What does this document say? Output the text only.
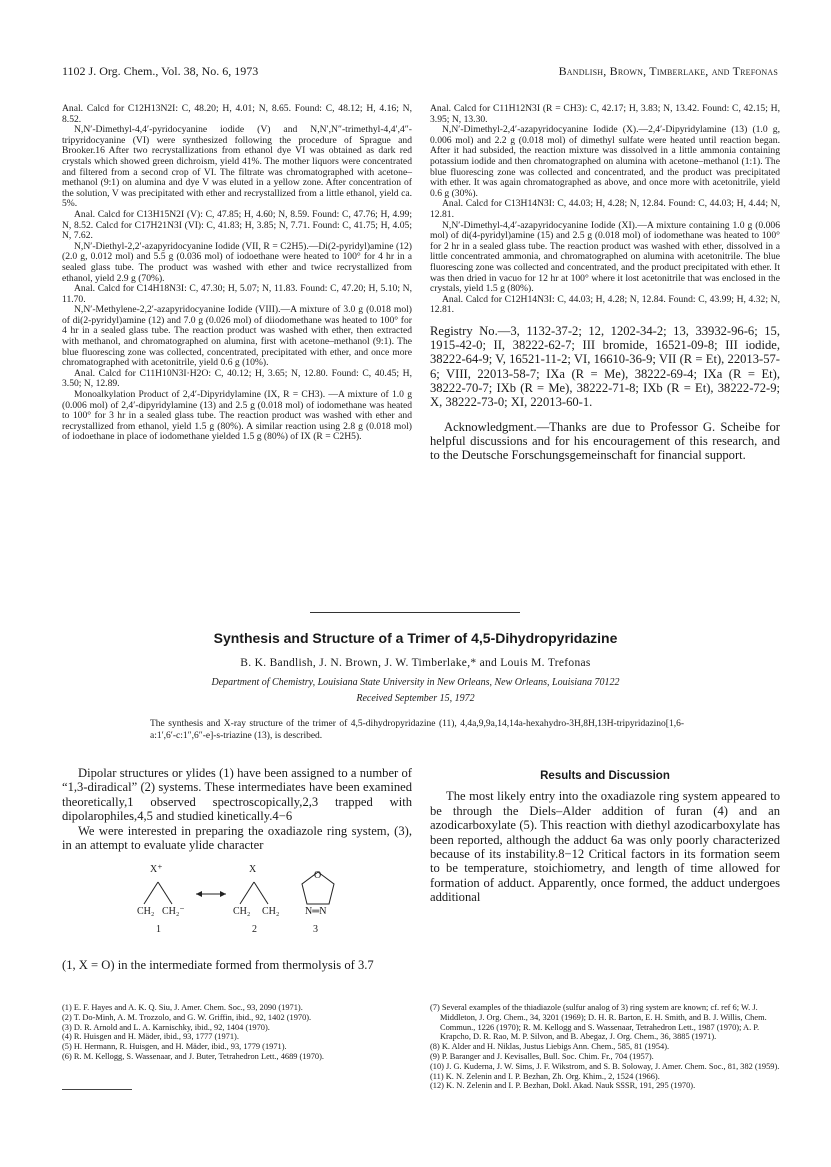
1102 J. Org. Chem., Vol. 38, No. 6, 1973	Bandlish, Brown, Timberlake, and Trefonas

Anal. Calcd for C12H13N2I: C, 48.20; H, 4.01; N, 8.65. Found: C, 48.12; H, 4.16; N, 8.52.

N,N′-Dimethyl-4,4′-pyridocyanine iodide (V) and N,N′,N″-trimethyl-4,4′,4″-tripyridocyanine (VI) were synthesized following the procedure of Sprague and Brooker.16 After two recrystallizations from ethanol dye VI was obtained as dark red crystals which showed green dichroism, yield 41%. The mother liquors were concentrated and filtered from a second crop of VI. The filtrate was chromatographed with acetone–methanol (9:1) on alumina and dye V was eluted in a yellow zone. After concentration of the solution, V was precipitated with ether and recrystallized from a little ethanol, yield ca. 5%.

Anal. Calcd for C13H15N2I (V): C, 47.85; H, 4.60; N, 8.59. Found: C, 47.76; H, 4.99; N, 8.52. Calcd for C17H21N3I (VI): C, 41.83; H, 3.85; N, 7.71. Found: C, 41.75; H, 4.05; N, 7.62.

N,N′-Diethyl-2,2′-azapyridocyanine Iodide (VII, R = C2H5).—Di(2-pyridyl)amine (12) (2.0 g, 0.012 mol) and 5.5 g (0.036 mol) of iodoethane were heated to 100° for 4 hr in a sealed glass tube. The product was washed with ether and twice recrystallized from ethanol, yield 2.9 g (70%).

Anal. Calcd for C14H18N3I: C, 47.30; H, 5.07; N, 11.83. Found: C, 47.20; H, 5.10; N, 11.70.

N,N′-Methylene-2,2′-azapyridocyanine Iodide (VIII).—A mixture of 3.0 g (0.018 mol) of di(2-pyridyl)amine (12) and 7.0 g (0.026 mol) of diiodomethane was heated to 100° for 4 hr in a sealed glass tube. The reaction product was washed with ether, then extracted with methanol, and chromatographed on alumina, first with acetone–methanol (9:1). The blue fluorescing zone was collected, concentrated, precipitated with ether, and once more chromatographed with acetonitrile, yield 0.6 g (10%).

Anal. Calcd for C11H10N3I·H2O: C, 40.12; H, 3.65; N, 12.80. Found: C, 40.45; H, 3.50; N, 12.89.

Monoalkylation Product of 2,4′-Dipyridylamine (IX, R = CH3). —A mixture of 1.0 g (0.006 mol) of 2,4′-dipyridylamine (13) and 2.5 g (0.018 mol) of iodomethane was heated to 100° for 3 hr in a sealed glass tube. The reaction product was washed with ether and recrystallized from ethanol, yield 1.5 g (80%). A similar reaction using 2.8 g (0.018 mol) of iodoethane in place of iodomethane yielded 1.5 g (80%) of IX (R = C2H5).

Anal. Calcd for C11H12N3I (R = CH3): C, 42.17; H, 3.83; N, 13.42. Found: C, 42.15; H, 3.95; N, 13.30.

N,N′-Dimethyl-2,4′-azapyridocyanine Iodide (X).—2,4′-Dipyridylamine (13) (1.0 g, 0.006 mol) and 2.2 g (0.018 mol) of dimethyl sulfate were heated until reaction began. After it had subsided, the reaction mixture was dissolved in a little ammonia containing potassium iodide and then chromatographed on alumina with acetone–methanol (1:1). The blue fluorescing zone was collected and concentrated, and the product was precipitated with ether. It was again chromatographed as above, and once more with acetonitrile, yield 0.6 g (30%).

Anal. Calcd for C13H14N3I: C, 44.03; H, 4.28; N, 12.84. Found: C, 44.03; H, 4.44; N, 12.81.

N,N′-Dimethyl-4,4′-azapyridocyanine Iodide (XI).—A mixture containing 1.0 g (0.006 mol) of di(4-pyridyl)amine (15) and 2.5 g (0.018 mol) of iodomethane was heated to 100° for 2 hr in a sealed glass tube. The reaction product was washed with ether, dissolved in a little concentrated ammonia, and chromatographed on alumina with acetonitrile. The blue fluorescing zone was collected and concentrated, and the product precipitated with ether. It was then dried in vacuo for 12 hr at 100° where it lost acetonitrile that was enclosed in the crystals, yield 1.5 g (80%).

Anal. Calcd for C12H14N3I: C, 44.03; H, 4.28; N, 12.84. Found: C, 43.99; H, 4.32; N, 12.81.

Registry No.—3, 1132-37-2; 12, 1202-34-2; 13, 33932-96-6; 15, 1915-42-0; II, 38222-62-7; III bromide, 16521-09-8; III iodide, 38222-64-9; V, 16521-11-2; VI, 16610-36-9; VII (R = Et), 22013-57-6; VIII, 22013-58-7; IXa (R = Me), 38222-69-4; IXa (R = Et), 38222-70-7; IXb (R = Me), 38222-71-8; IXb (R = Et), 38222-72-9; X, 38222-73-0; XI, 22013-60-1.

Acknowledgment.—Thanks are due to Professor G. Scheibe for helpful discussions and for his encouragement of this research, and to the Deutsche Forschungsgemeinschaft for financial support.

Synthesis and Structure of a Trimer of 4,5-Dihydropyridazine
B. K. Bandlish, J. N. Brown, J. W. Timberlake,* and Louis M. Trefonas
Department of Chemistry, Louisiana State University in New Orleans, New Orleans, Louisiana 70122
Received September 15, 1972
The synthesis and X-ray structure of the trimer of 4,5-dihydropyridazine (11), 4,4a,9,9a,14,14a-hexahydro-3H,8H,13H-tripyridazino[1,6-a:1′,6′-c:1″,6″-e]-s-triazine (13), is described.

Dipolar structures or ylides (1) have been assigned to a number of “1,3-diradical” (2) systems. These intermediates have been examined theoretically,1 observed spectroscopically,2,3 trapped with dipolarophiles,4,5 and studied kinetically.4−6

We were interested in preparing the oxadiazole ring system, (3), in an attempt to evaluate ylide character

X⁺
CH₂ CH₂⁻
X
CH₂ CH₂
O
N═N
1	2	3

(1, X = O) in the intermediate formed from thermolysis of 3.7

Results and Discussion

The most likely entry into the oxadiazole ring system appeared to be through the Diels–Alder addition of furan (4) and an azodicarboxylate (5). This reaction with diethyl azodicarboxylate has been reported, although the adduct 6a was only poorly characterized because of its instability.8−12 Critical factors in its formation seem to be temperature, stoichiometry, and length of time allowed for formation of adduct. Apparently, once formed, the adduct undergoes additional

(1) E. F. Hayes and A. K. Q. Siu, J. Amer. Chem. Soc., 93, 2090 (1971).
(2) T. Do-Minh, A. M. Trozzolo, and G. W. Griffin, ibid., 92, 1402 (1970).
(3) D. R. Arnold and L. A. Karnischky, ibid., 92, 1404 (1970).
(4) R. Huisgen and H. Mäder, ibid., 93, 1777 (1971).
(5) H. Hermann, R. Huisgen, and H. Mäder, ibid., 93, 1779 (1971).
(6) R. M. Kellogg, S. Wassenaar, and J. Buter, Tetrahedron Lett., 4689 (1970).
(7) Several examples of the thiadiazole (sulfur analog of 3) ring system are known; cf. ref 6; W. J. Middleton, J. Org. Chem., 34, 3201 (1969); D. H. R. Barton, E. H. Smith, and B. J. Willis, Chem. Commun., 1226 (1970); R. M. Kellogg and S. Wassenaar, Tetrahedron Lett., 1987 (1970); A. P. Krapcho, D. R. Rao, M. P. Silvon, and B. Abegaz, J. Org. Chem., 36, 3885 (1971).
(8) K. Alder and H. Niklas, Justus Liebigs Ann. Chem., 585, 81 (1954).
(9) P. Baranger and J. Kevisalles, Bull. Soc. Chim. Fr., 704 (1957).
(10) J. G. Kuderna, J. W. Sims, J. F. Wikstrom, and S. B. Soloway, J. Amer. Chem. Soc., 81, 382 (1959).
(11) K. N. Zelenin and I. P. Bezhan, Zh. Org. Khim., 2, 1524 (1966).
(12) K. N. Zelenin and I. P. Bezhan, Dokl. Akad. Nauk SSSR, 191, 295 (1970).
